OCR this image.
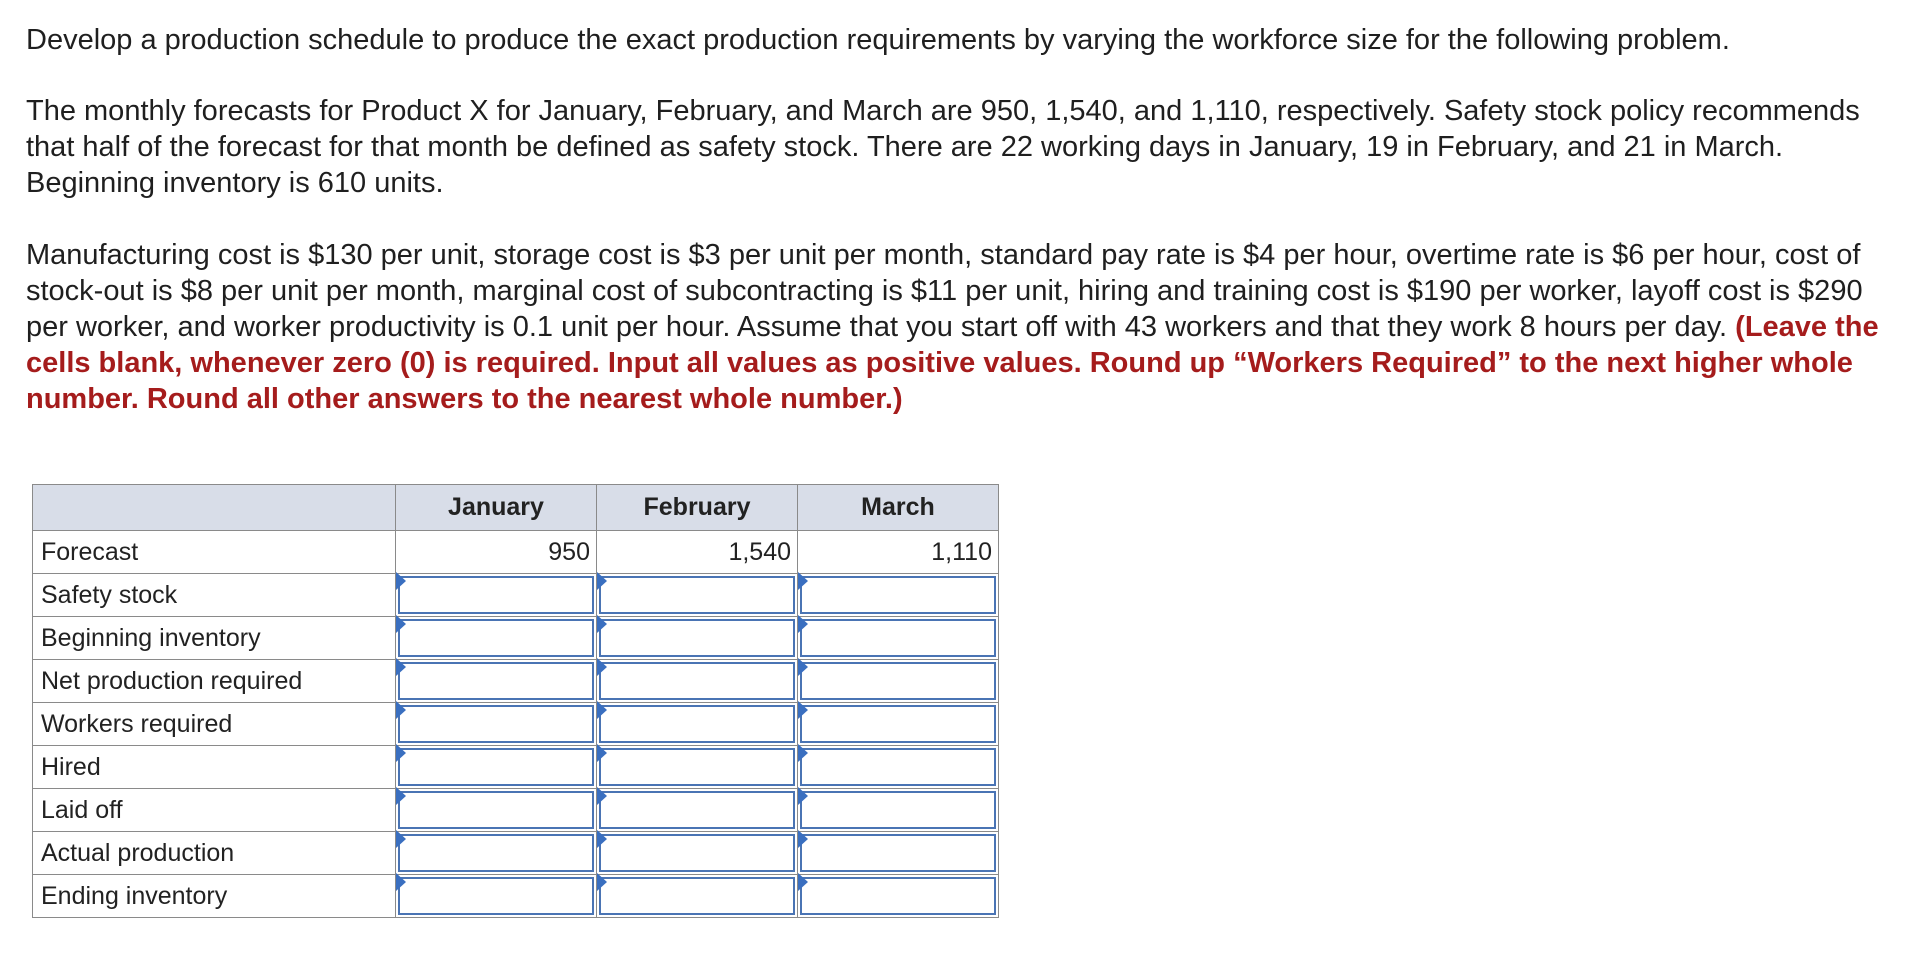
Develop a production schedule to produce the exact production requirements by varying the workforce size for the following problem.

The monthly forecasts for Product X for January, February, and March are 950, 1,540, and 1,110, respectively. Safety stock policy recommends that half of the forecast for that month be defined as safety stock. There are 22 working days in January, 19 in February, and 21 in March. Beginning inventory is 610 units.

Manufacturing cost is $130 per unit, storage cost is $3 per unit per month, standard pay rate is $4 per hour, overtime rate is $6 per hour, cost of stock-out is $8 per unit per month, marginal cost of subcontracting is $11 per unit, hiring and training cost is $190 per worker, layoff cost is $290 per worker, and worker productivity is 0.1 unit per hour. Assume that you start off with 43 workers and that they work 8 hours per day. (Leave the cells blank, whenever zero (0) is required. Input all values as positive values. Round up “Workers Required” to the next higher whole number. Round all other answers to the nearest whole number.)

	January	February	March
Forecast	950	1,540	1,110
Safety stock	

Beginning inventory	

Net production required	

Workers required	

Hired	

Laid off	

Actual production	

Ending inventory	
